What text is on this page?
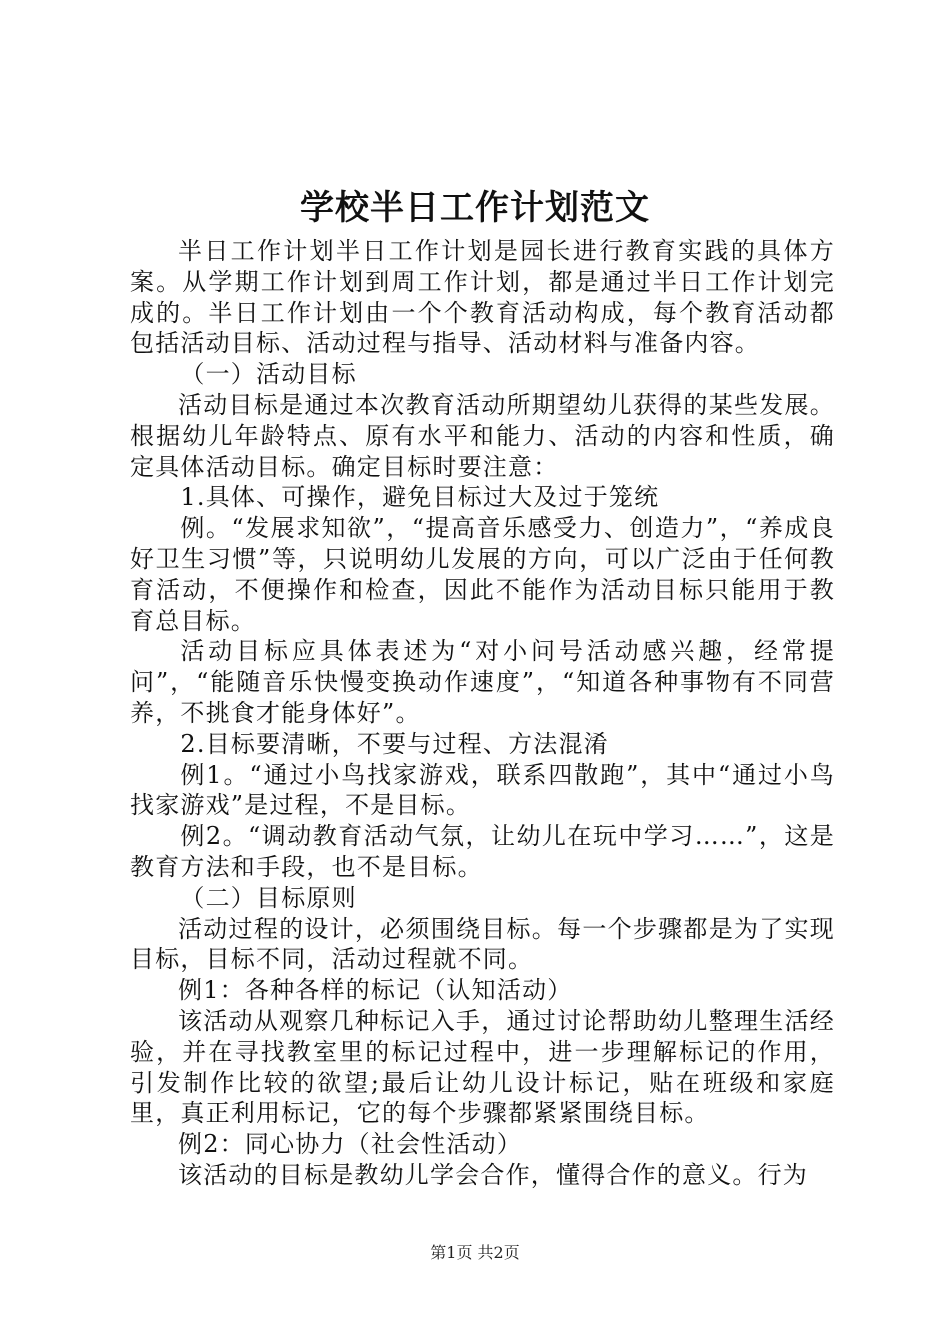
学校半日工作计划范文

半日工作计划半日工作计划是园长进行教育实践的具体方案。从学期工作计划到周工作计划，都是通过半日工作计划完成的。半日工作计划由一个个教育活动构成，每个教育活动都包括活动目标、活动过程与指导、活动材料与准备内容。

（一）活动目标

活动目标是通过本次教育活动所期望幼儿获得的某些发展。根据幼儿年龄特点、原有水平和能力、活动的内容和性质，确定具体活动目标。确定目标时要注意：

1.具体、可操作，避免目标过大及过于笼统

例。“发展求知欲”，“提高音乐感受力、创造力”，“养成良好卫生习惯”等，只说明幼儿发展的方向，可以广泛由于任何教育活动，不便操作和检查，因此不能作为活动目标只能用于教育总目标。

活动目标应具体表述为“对小问号活动感兴趣，经常提问”，“能随音乐快慢变换动作速度”，“知道各种事物有不同营养，不挑食才能身体好”。

2.目标要清晰，不要与过程、方法混淆

例1。“通过小鸟找家游戏，联系四散跑”，其中“通过小鸟找家游戏”是过程，不是目标。

例2。“调动教育活动气氛，让幼儿在玩中学习……”，这是教育方法和手段，也不是目标。

（二）目标原则

活动过程的设计，必须围绕目标。每一个步骤都是为了实现目标，目标不同，活动过程就不同。

例1：各种各样的标记（认知活动）

该活动从观察几种标记入手，通过讨论帮助幼儿整理生活经验，并在寻找教室里的标记过程中，进一步理解标记的作用，引发制作比较的欲望;最后让幼儿设计标记，贴在班级和家庭里，真正利用标记，它的每个步骤都紧紧围绕目标。

例2：同心协力（社会性活动）

该活动的目标是教幼儿学会合作，懂得合作的意义。行为

第1页 共2页
